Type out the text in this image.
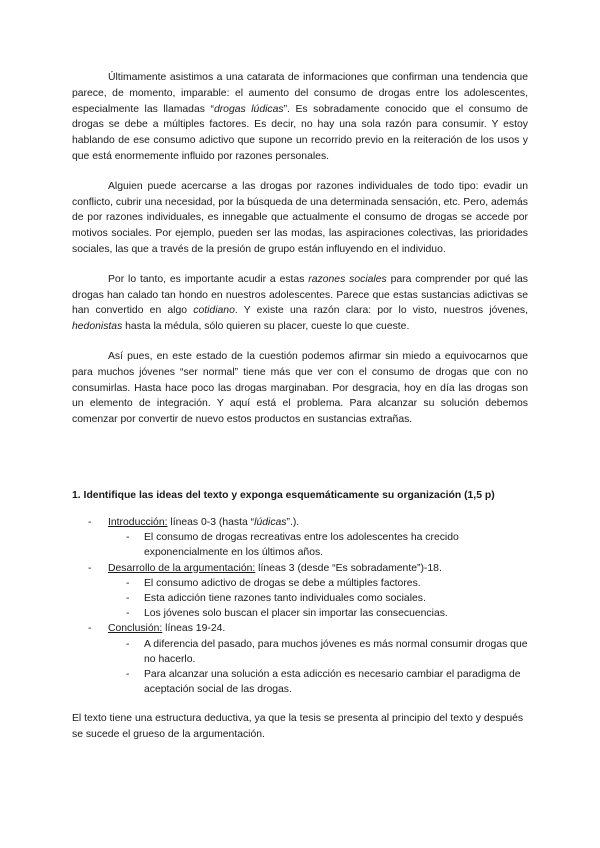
Últimamente asistimos a una catarata de informaciones que confirman una tendencia que parece, de momento, imparable: el aumento del consumo de drogas entre los adolescentes, especialmente las llamadas “drogas lúdicas”. Es sobradamente conocido que el consumo de drogas se debe a múltiples factores. Es decir, no hay una sola razón para consumir. Y estoy hablando de ese consumo adictivo que supone un recorrido previo en la reiteración de los usos y que está enormemente influido por razones personales.

Alguien puede acercarse a las drogas por razones individuales de todo tipo: evadir un conflicto, cubrir una necesidad, por la búsqueda de una determinada sensación, etc. Pero, además de por razones individuales, es innegable que actualmente el consumo de drogas se accede por motivos sociales. Por ejemplo, pueden ser las modas, las aspiraciones colectivas, las prioridades sociales, las que a través de la presión de grupo están influyendo en el individuo.

Por lo tanto, es importante acudir a estas razones sociales para comprender por qué las drogas han calado tan hondo en nuestros adolescentes. Parece que estas sustancias adictivas se han convertido en algo cotidiano. Y existe una razón clara: por lo visto, nuestros jóvenes, hedonistas hasta la médula, sólo quieren su placer, cueste lo que cueste.

Así pues, en este estado de la cuestión podemos afirmar sin miedo a equivocarnos que para muchos jóvenes “ser normal” tiene más que ver con el consumo de drogas que con no consumirlas. Hasta hace poco las drogas marginaban. Por desgracia, hoy en día las drogas son un elemento de integración. Y aquí está el problema. Para alcanzar su solución debemos comenzar por convertir de nuevo estos productos en sustancias extrañas.

1. Identifique las ideas del texto y exponga esquemáticamente su organización (1,5 p)
- Introducción: líneas 0-3 (hasta “lúdicas”.).
- El consumo de drogas recreativas entre los adolescentes ha crecido exponencialmente en los últimos años.
- Desarrollo de la argumentación: líneas 3 (desde “Es sobradamente”)-18.
- El consumo adictivo de drogas se debe a múltiples factores.
- Esta adicción tiene razones tanto individuales como sociales.
- Los jóvenes solo buscan el placer sin importar las consecuencias.
- Conclusión: líneas 19-24.
- A diferencia del pasado, para muchos jóvenes es más normal consumir drogas que no hacerlo.
- Para alcanzar una solución a esta adicción es necesario cambiar el paradigma de aceptación social de las drogas.

El texto tiene una estructura deductiva, ya que la tesis se presenta al principio del texto y después se sucede el grueso de la argumentación.
